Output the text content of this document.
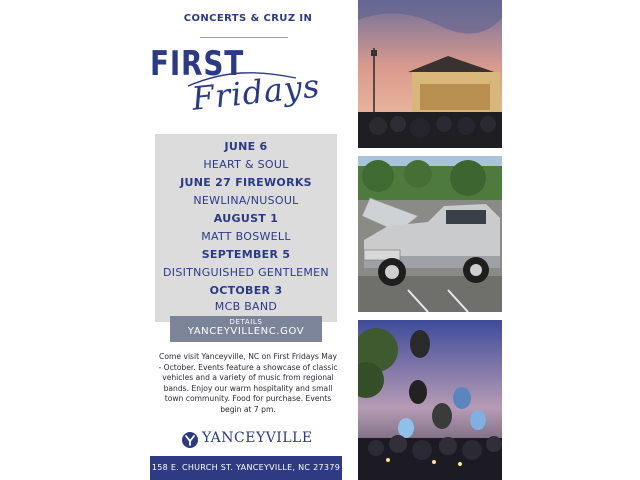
CONCERTS & CRUZ IN
FIRST
Fridays
JUNE 6
HEART & SOUL
JUNE 27 FIREWORKS
NEWLINA/NUSOUL
AUGUST 1
MATT BOSWELL
SEPTEMBER 5
DISITNGUISHED GENTLEMEN
OCTOBER 3
MCB BAND
DETAILS
YANCEYVILLENC.GOV
Come visit Yanceyville, NC on First Fridays May - October. Events feature a showcase of classic vehicles and a variety of music from regional bands. Enjoy our warm hospitality and small town community. Food for purchase. Events begin at 7 pm.
YANCEYVILLE
158 E. CHURCH ST. YANCEYVILLE, NC 27379
